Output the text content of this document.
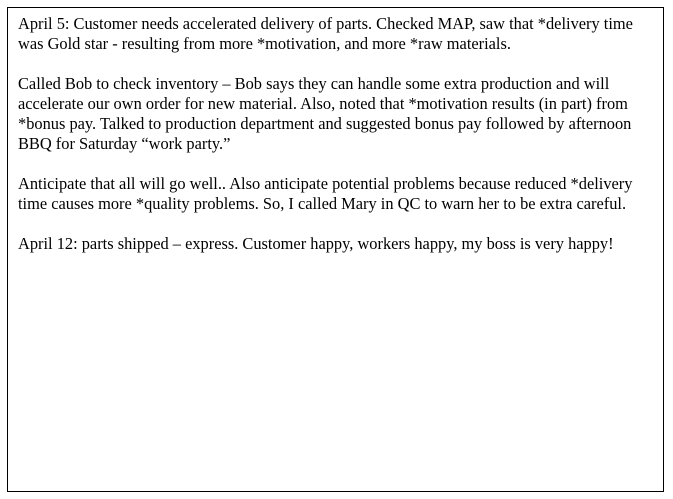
April 5: Customer needs accelerated delivery of parts. Checked MAP, saw that *delivery time was Gold star - resulting from more *motivation, and more *raw materials.

Called Bob to check inventory – Bob says they can handle some extra production and will accelerate our own order for new material. Also, noted that *motivation results (in part) from *bonus pay. Talked to production department and suggested bonus pay followed by afternoon BBQ for Saturday “work party.”

Anticipate that all will go well.. Also anticipate potential problems because reduced *delivery time causes more *quality problems. So, I called Mary in QC to warn her to be extra careful.

April 12: parts shipped – express. Customer happy, workers happy, my boss is very happy!
